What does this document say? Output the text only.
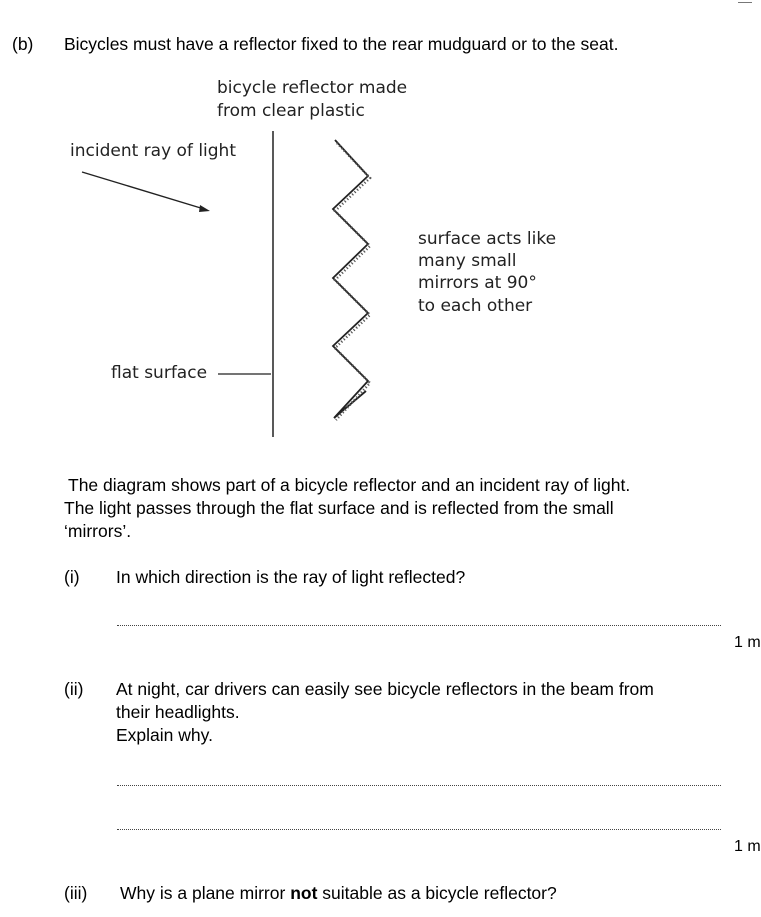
(b) Bicycles must have a reflector fixed to the rear mudguard or to the seat.
bicycle reflector made
from clear plastic
incident ray of light
surface acts like
many small
mirrors at 90°
to each other
flat surface
The diagram shows part of a bicycle reflector and an incident ray of light.
The light passes through the flat surface and is reflected from the small
‘mirrors’.
(i) In which direction is the ray of light reflected?
1 m
(ii) At night, car drivers can easily see bicycle reflectors in the beam from
their headlights.
Explain why.
1 m
(iii) Why is a plane mirror not suitable as a bicycle reflector?
